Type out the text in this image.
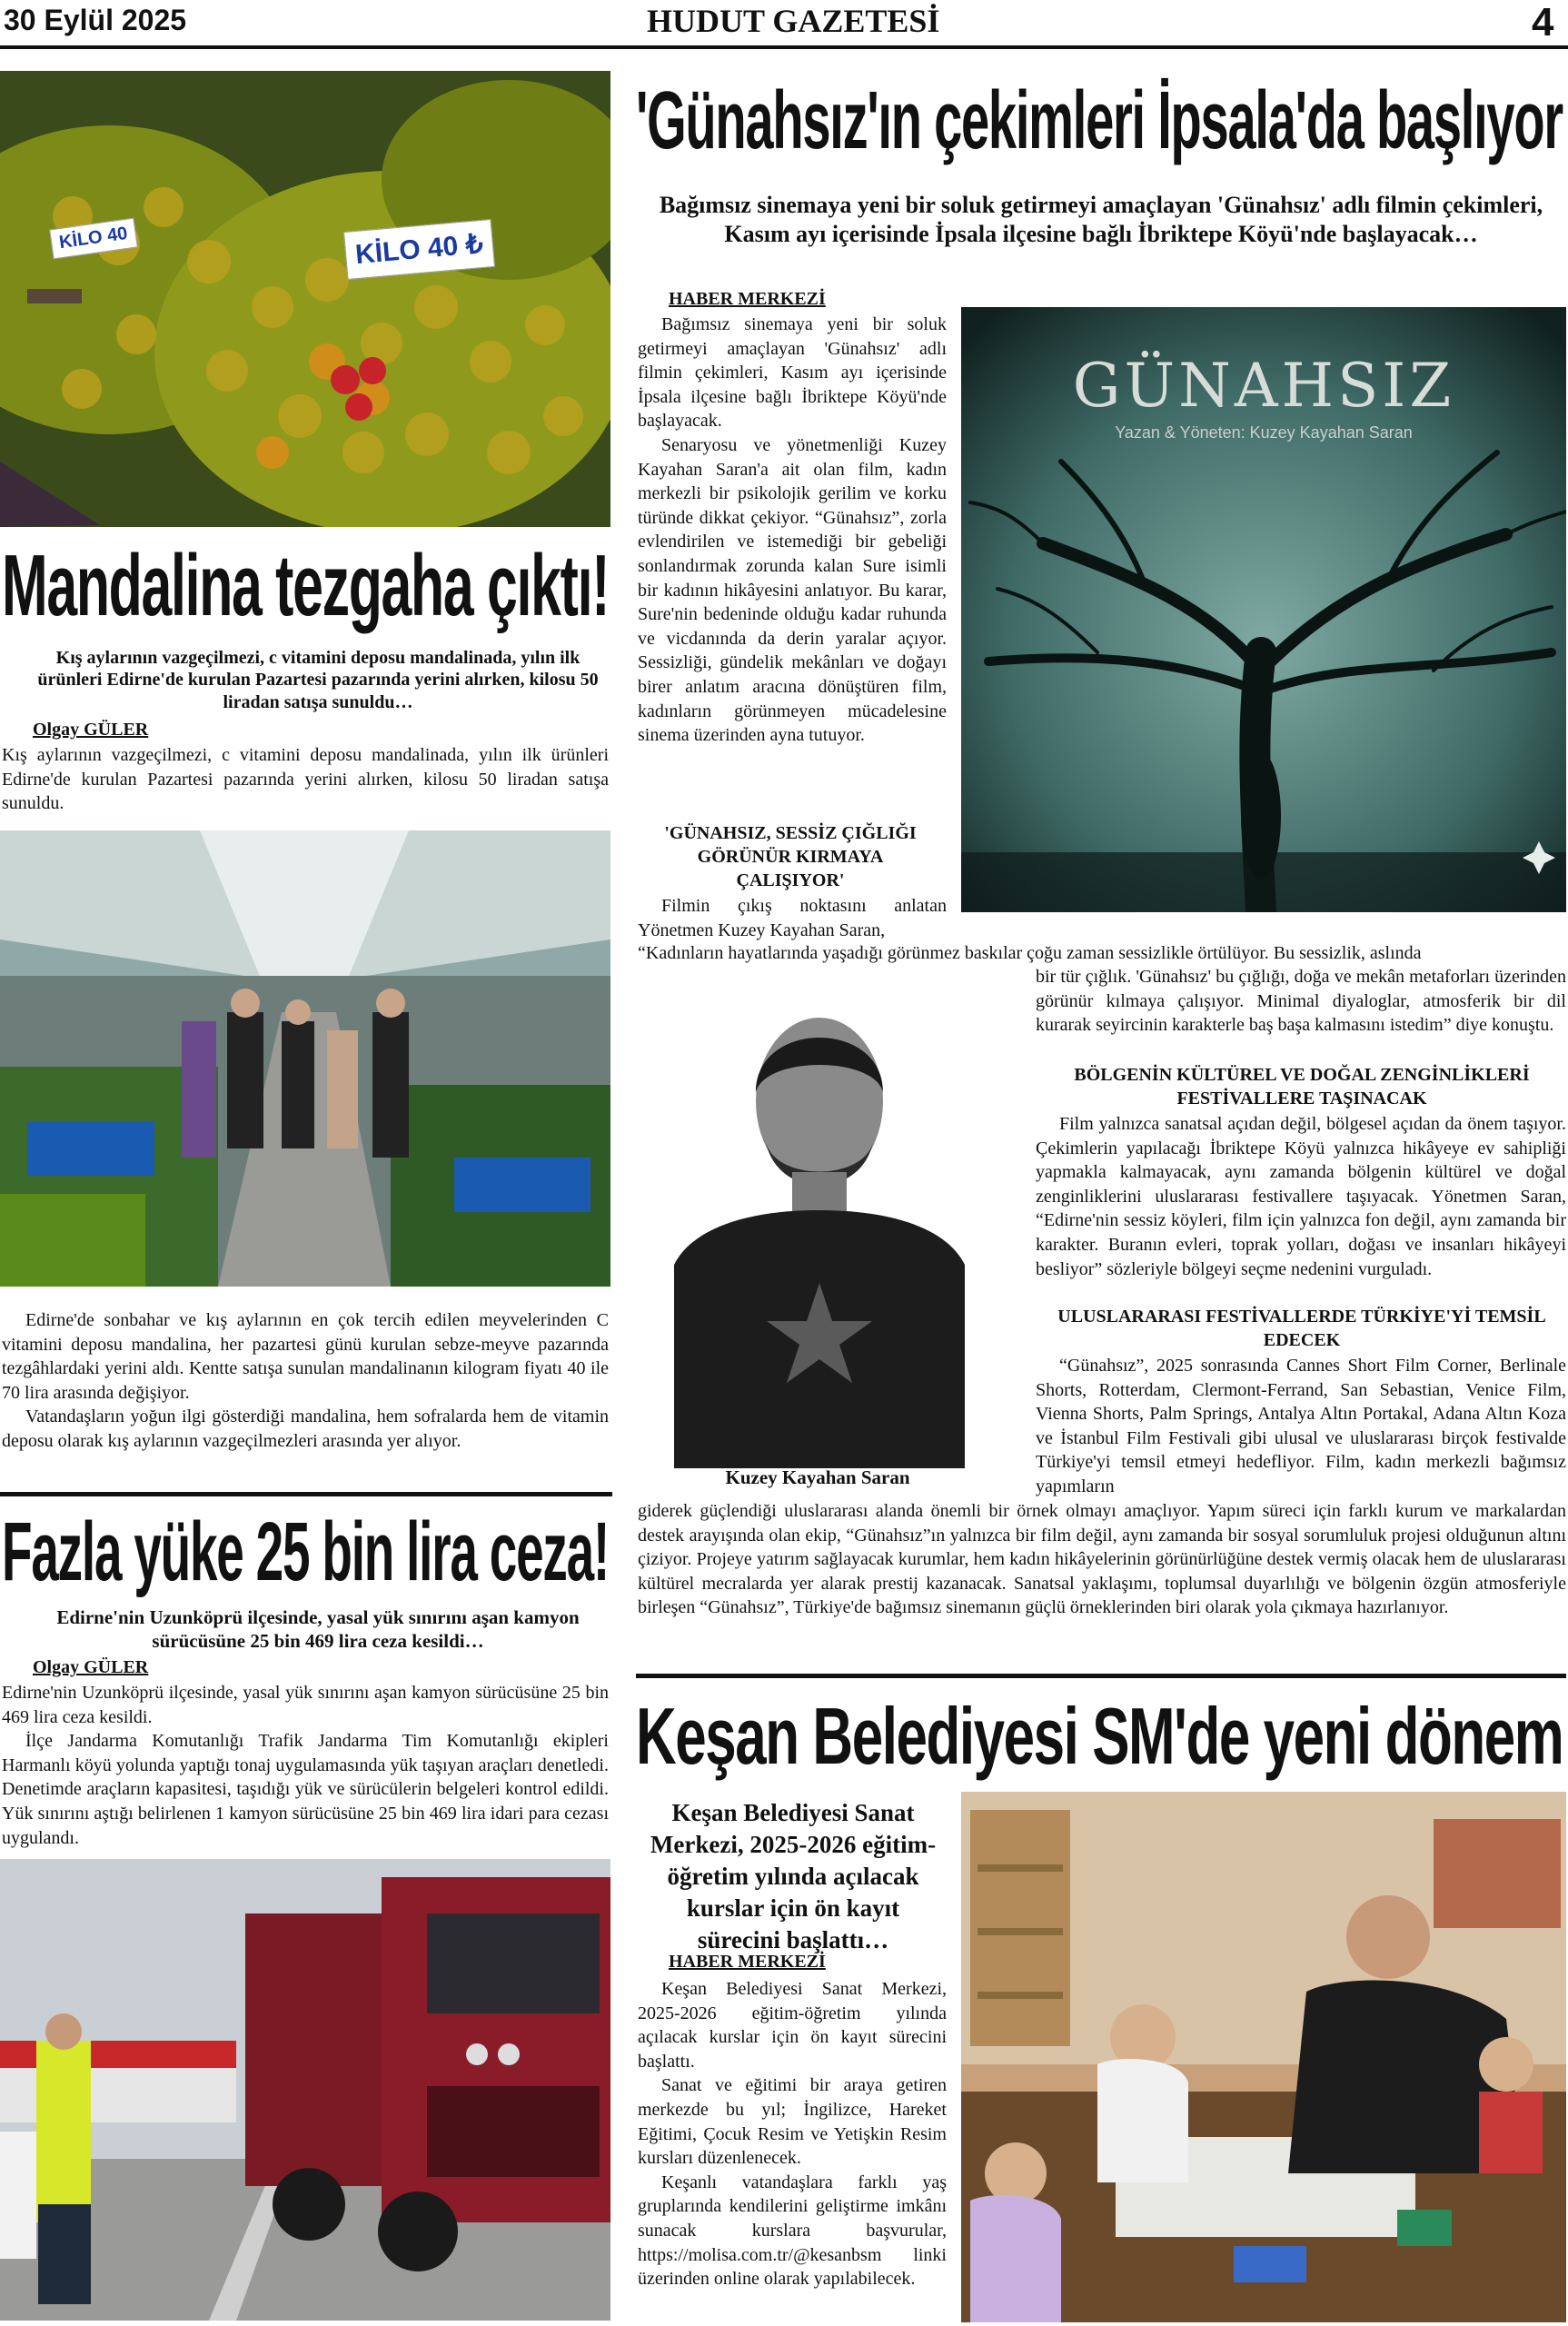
30 Eylül 2025	HUDUT GAZETESİ	4
KİLO 40	KİLO 40 ₺
Mandalina tezgaha çıktı!
Kış aylarının vazgeçilmezi, c vitamini deposu mandalinada, yılın ilk ürünleri Edirne'de kurulan Pazartesi pazarında yerini alırken, kilosu 50 liradan satışa sunuldu…
Olgay GÜLER
Kış aylarının vazgeçilmezi, c vitamini deposu mandalinada, yılın ilk ürünleri Edirne'de kurulan Pazartesi pazarında yerini alırken, kilosu 50 liradan satışa sunuldu.

Edirne'de sonbahar ve kış aylarının en çok tercih edilen meyvelerinden C vitamini deposu mandalina, her pazartesi günü kurulan sebze-meyve pazarında tezgâhlardaki yerini aldı. Kentte satışa sunulan mandalinanın kilogram fiyatı 40 ile 70 lira arasında değişiyor.

Vatandaşların yoğun ilgi gösterdiği mandalina, hem sofralarda hem de vitamin deposu olarak kış aylarının vazgeçilmezleri arasında yer alıyor.

Fazla yüke 25 bin lira ceza!
Edirne'nin Uzunköprü ilçesinde, yasal yük sınırını aşan kamyon sürücüsüne 25 bin 469 lira ceza kesildi…
Olgay GÜLER

Edirne'nin Uzunköprü ilçesinde, yasal yük sınırını aşan kamyon sürücüsüne 25 bin 469 lira ceza kesildi.

İlçe Jandarma Komutanlığı Trafik Jandarma Tim Komutanlığı ekipleri Harmanlı köyü yolunda yaptığı tonaj uygulamasında yük taşıyan araçları denetledi. Denetimde araçların kapasitesi, taşıdığı yük ve sürücülerin belgeleri kontrol edildi. Yük sınırını aştığı belirlenen 1 kamyon sürücüsüne 25 bin 469 lira idari para cezası uygulandı.

'Günahsız'ın çekimleri İpsala'da başlıyor
Bağımsız sinemaya yeni bir soluk getirmeyi amaçlayan 'Günahsız' adlı filmin çekimleri, Kasım ayı içerisinde İpsala ilçesine bağlı İbriktepe Köyü'nde başlayacak…
HABER MERKEZİ

Bağımsız sinemaya yeni bir soluk getirmeyi amaçlayan 'Günahsız' adlı filmin çekimleri, Kasım ayı içerisinde İpsala ilçesine bağlı İbriktepe Köyü'nde başlayacak.

Senaryosu ve yönetmenliği Kuzey Kayahan Saran'a ait olan film, kadın merkezli bir psikolojik gerilim ve korku türünde dikkat çekiyor. “Günahsız”, zorla evlendirilen ve istemediği bir gebeliği sonlandırmak zorunda kalan Sure isimli bir kadının hikâyesini anlatıyor. Bu karar, Sure'nin bedeninde olduğu kadar ruhunda ve vicdanında da derin yaralar açıyor. Sessizliği, gündelik mekânları ve doğayı birer anlatım aracına dönüştüren film, kadınların görünmeyen mücadelesine sinema üzerinden ayna tutuyor.

'GÜNAHSIZ, SESSİZ ÇIĞLIĞI GÖRÜNÜR KIRMAYA ÇALIŞIYOR'
Filmin çıkış noktasını anlatan Yönetmen Kuzey Kayahan Saran,
GÜNAHSIZ
Yazan & Yöneten: Kuzey Kayahan Saran
“Kadınların hayatlarında yaşadığı görünmez baskılar çoğu zaman sessizlikle örtülüyor. Bu sessizlik, aslında
Kuzey Kayahan Saran
bir tür çığlık. 'Günahsız' bu çığlığı, doğa ve mekân metaforları üzerinden görünür kılmaya çalışıyor. Minimal diyaloglar, atmosferik bir dil kurarak seyircinin karakterle baş başa kalmasını istedim” diye konuştu.
BÖLGENİN KÜLTÜREL VE DOĞAL ZENGİNLİKLERİ FESTİVALLERE TAŞINACAK
Film yalnızca sanatsal açıdan değil, bölgesel açıdan da önem taşıyor. Çekimlerin yapılacağı İbriktepe Köyü yalnızca hikâyeye ev sahipliği yapmakla kalmayacak, aynı zamanda bölgenin kültürel ve doğal zenginliklerini uluslararası festivallere taşıyacak. Yönetmen Saran, “Edirne'nin sessiz köyleri, film için yalnızca fon değil, aynı zamanda bir karakter. Buranın evleri, toprak yolları, doğası ve insanları hikâyeyi besliyor” sözleriyle bölgeyi seçme nedenini vurguladı.
ULUSLARARASI FESTİVALLERDE TÜRKİYE'Yİ TEMSİL EDECEK
“Günahsız”, 2025 sonrasında Cannes Short Film Corner, Berlinale Shorts, Rotterdam, Clermont-Ferrand, San Sebastian, Venice Film, Vienna Shorts, Palm Springs, Antalya Altın Portakal, Adana Altın Koza ve İstanbul Film Festivali gibi ulusal ve uluslararası birçok festivalde Türkiye'yi temsil etmeyi hedefliyor. Film, kadın merkezli bağımsız yapımların
giderek güçlendiği uluslararası alanda önemli bir örnek olmayı amaçlıyor. Yapım süreci için farklı kurum ve markalardan destek arayışında olan ekip, “Günahsız”ın yalnızca bir film değil, aynı zamanda bir sosyal sorumluluk projesi olduğunun altını çiziyor. Projeye yatırım sağlayacak kurumlar, hem kadın hikâyelerinin görünürlüğüne destek vermiş olacak hem de uluslararası kültürel mecralarda yer alarak prestij kazanacak. Sanatsal yaklaşımı, toplumsal duyarlılığı ve bölgenin özgün atmosferiyle birleşen “Günahsız”, Türkiye'de bağımsız sinemanın güçlü örneklerinden biri olarak yola çıkmaya hazırlanıyor.
Keşan Belediyesi SM'de yeni dönem
Keşan Belediyesi Sanat Merkezi, 2025-2026 eğitim-öğretim yılında açılacak kurslar için ön kayıt sürecini başlattı…
HABER MERKEZİ

Keşan Belediyesi Sanat Merkezi, 2025-2026 eğitim-öğretim yılında açılacak kurslar için ön kayıt sürecini başlattı.

Sanat ve eğitimi bir araya getiren merkezde bu yıl; İngilizce, Hareket Eğitimi, Çocuk Resim ve Yetişkin Resim kursları düzenlenecek.

Keşanlı vatandaşlara farklı yaş gruplarında kendilerini geliştirme imkânı sunacak kurslara başvurular, https://molisa.com.tr/@kesanbsm linki üzerinden online olarak yapılabilecek.
